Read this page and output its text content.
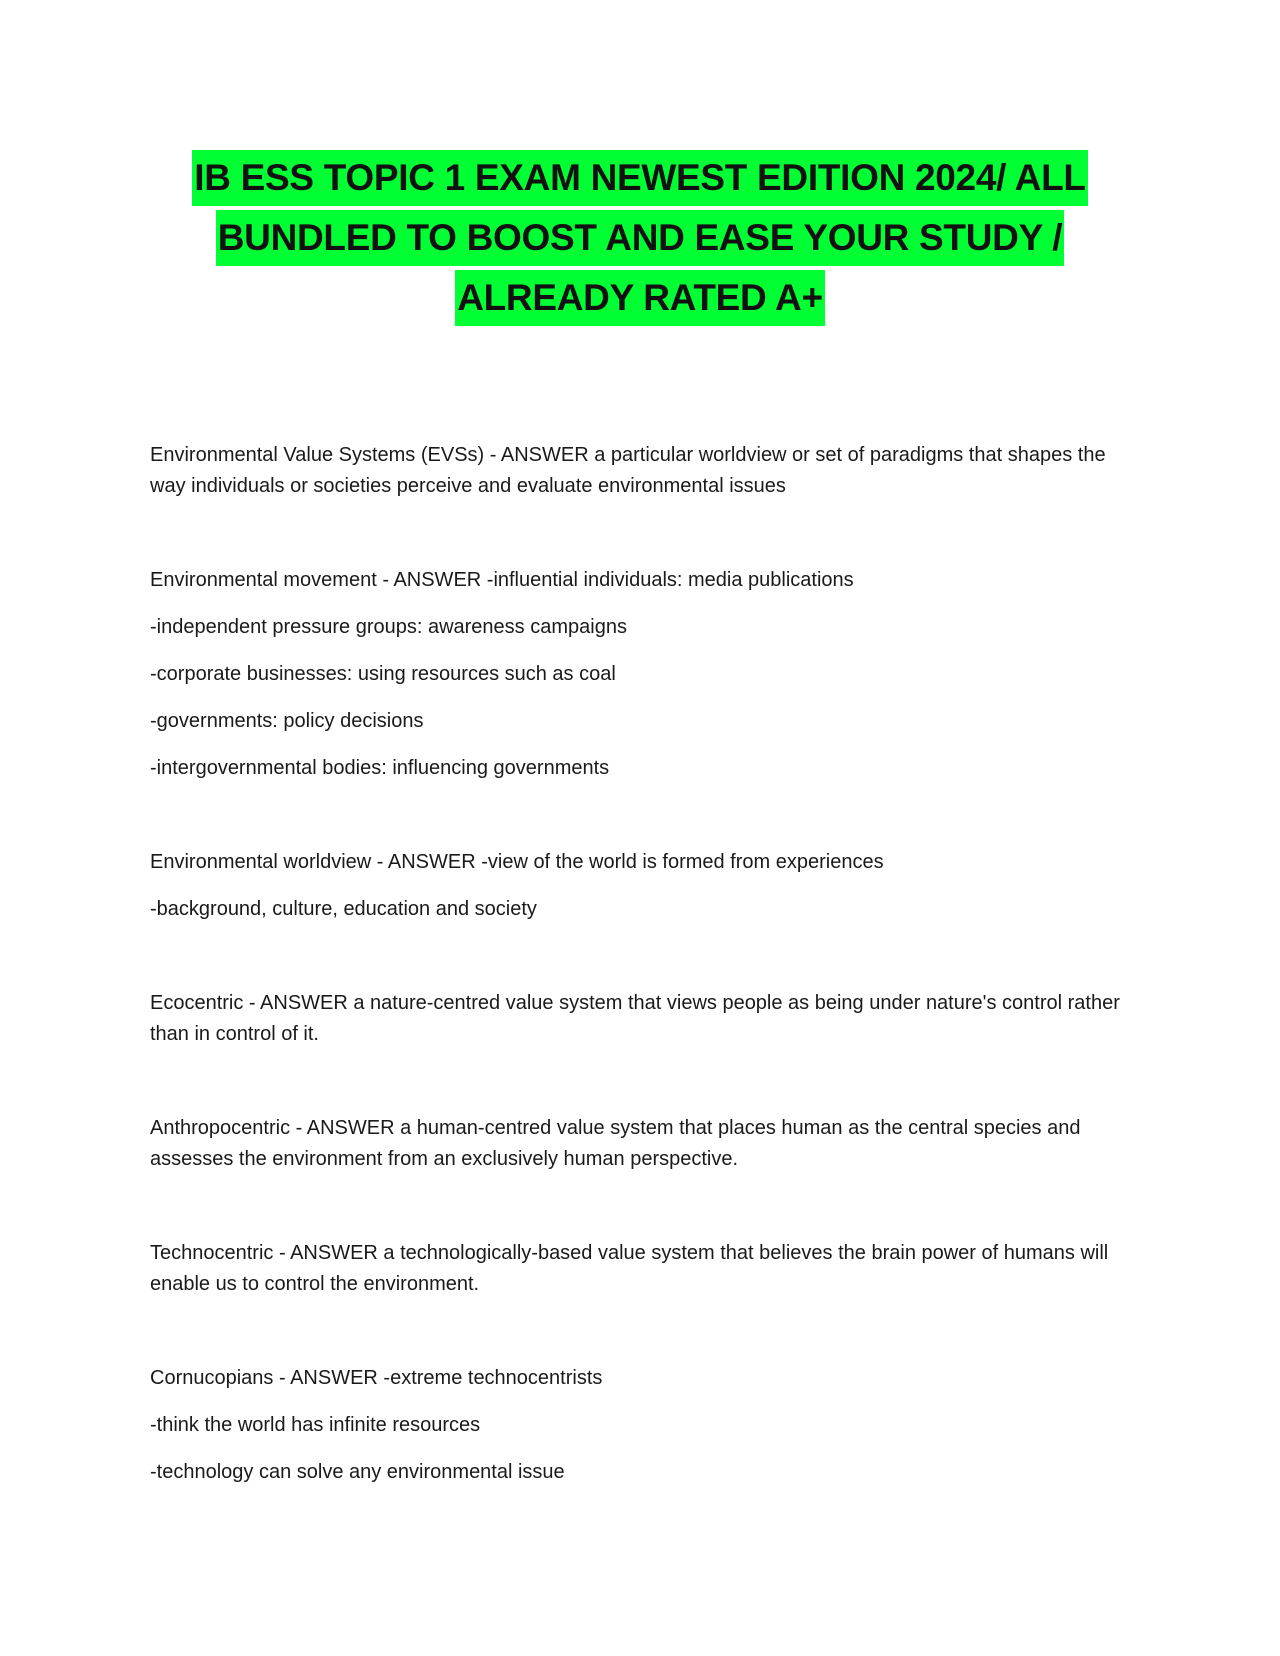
IB ESS TOPIC 1 EXAM NEWEST EDITION 2024/ ALL
BUNDLED TO BOOST AND EASE YOUR STUDY /
ALREADY RATED A+

Environmental Value Systems (EVSs) - ANSWER a particular worldview or set of paradigms that shapes the way individuals or societies perceive and evaluate environmental issues

Environmental movement - ANSWER -influential individuals: media publications

-independent pressure groups: awareness campaigns

-corporate businesses: using resources such as coal

-governments: policy decisions

-intergovernmental bodies: influencing governments

Environmental worldview - ANSWER -view of the world is formed from experiences

-background, culture, education and society

Ecocentric - ANSWER a nature-centred value system that views people as being under nature's control rather than in control of it.

Anthropocentric - ANSWER a human-centred value system that places human as the central species and assesses the environment from an exclusively human perspective.

Technocentric - ANSWER a technologically-based value system that believes the brain power of humans will enable us to control the environment.

Cornucopians - ANSWER -extreme technocentrists

-think the world has infinite resources

-technology can solve any environmental issue
